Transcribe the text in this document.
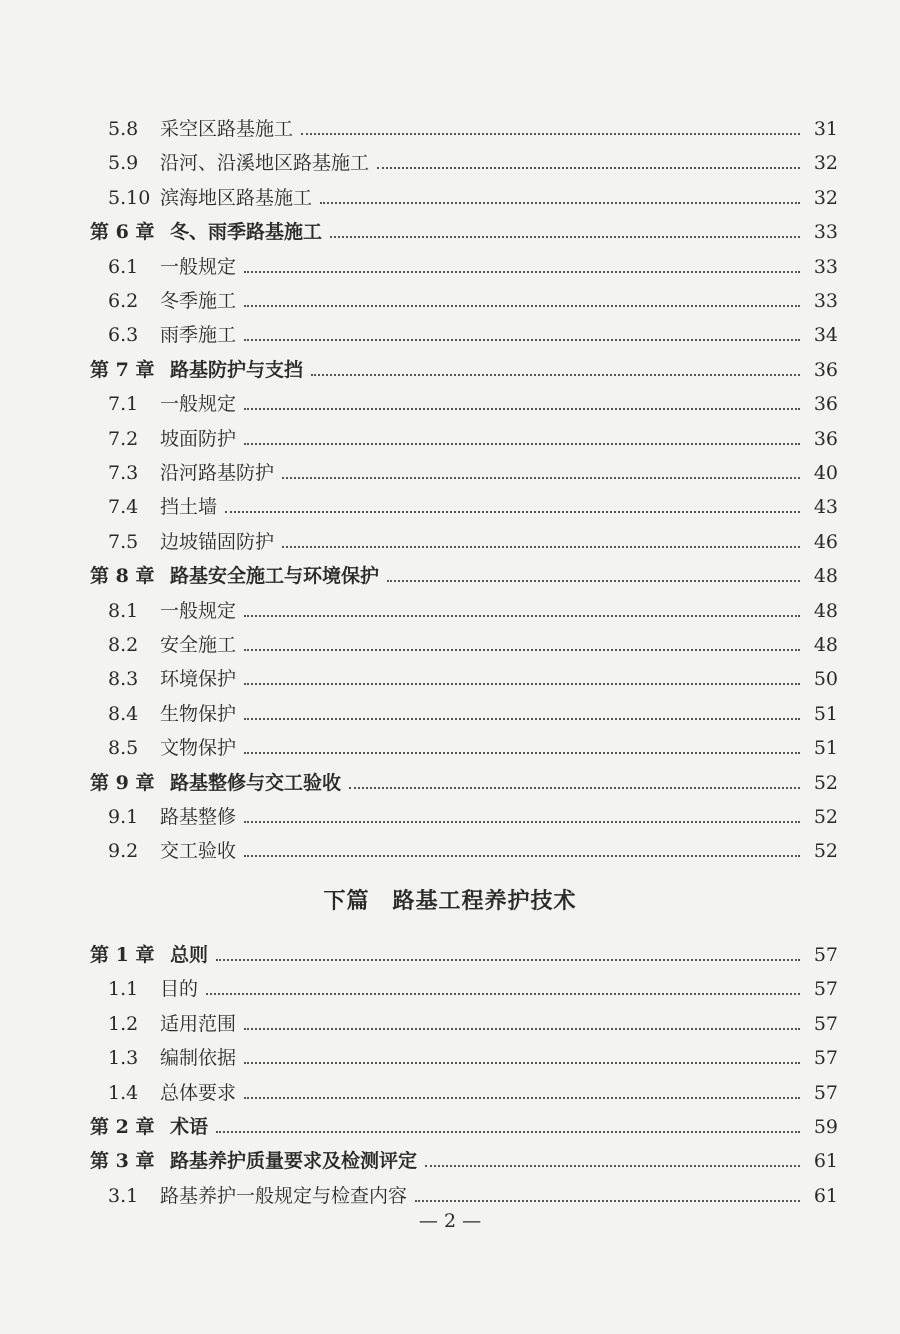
5.8	采空区路基施工	31
5.9	沿河、沿溪地区路基施工	32
5.10 滨海地区路基施工	32
第 6 章 冬、雨季路基施工	33
6.1	一般规定	33
6.2	冬季施工	33
6.3	雨季施工	34
第 7 章 路基防护与支挡	36
7.1	一般规定	36
7.2	坡面防护	36
7.3	沿河路基防护	40
7.4	挡土墙	43
7.5	边坡锚固防护	46
第 8 章 路基安全施工与环境保护	48
8.1	一般规定	48
8.2	安全施工	48
8.3	环境保护	50
8.4	生物保护	51
8.5	文物保护	51
第 9 章 路基整修与交工验收	52
9.1	路基整修	52
9.2	交工验收	52
下篇　路基工程养护技术
第 1 章 总则	57
1.1	目的	57
1.2	适用范围	57
1.3	编制依据	57
1.4	总体要求	57
第 2 章 术语	59
第 3 章 路基养护质量要求及检测评定	61
3.1	路基养护一般规定与检查内容	61
— 2 —
